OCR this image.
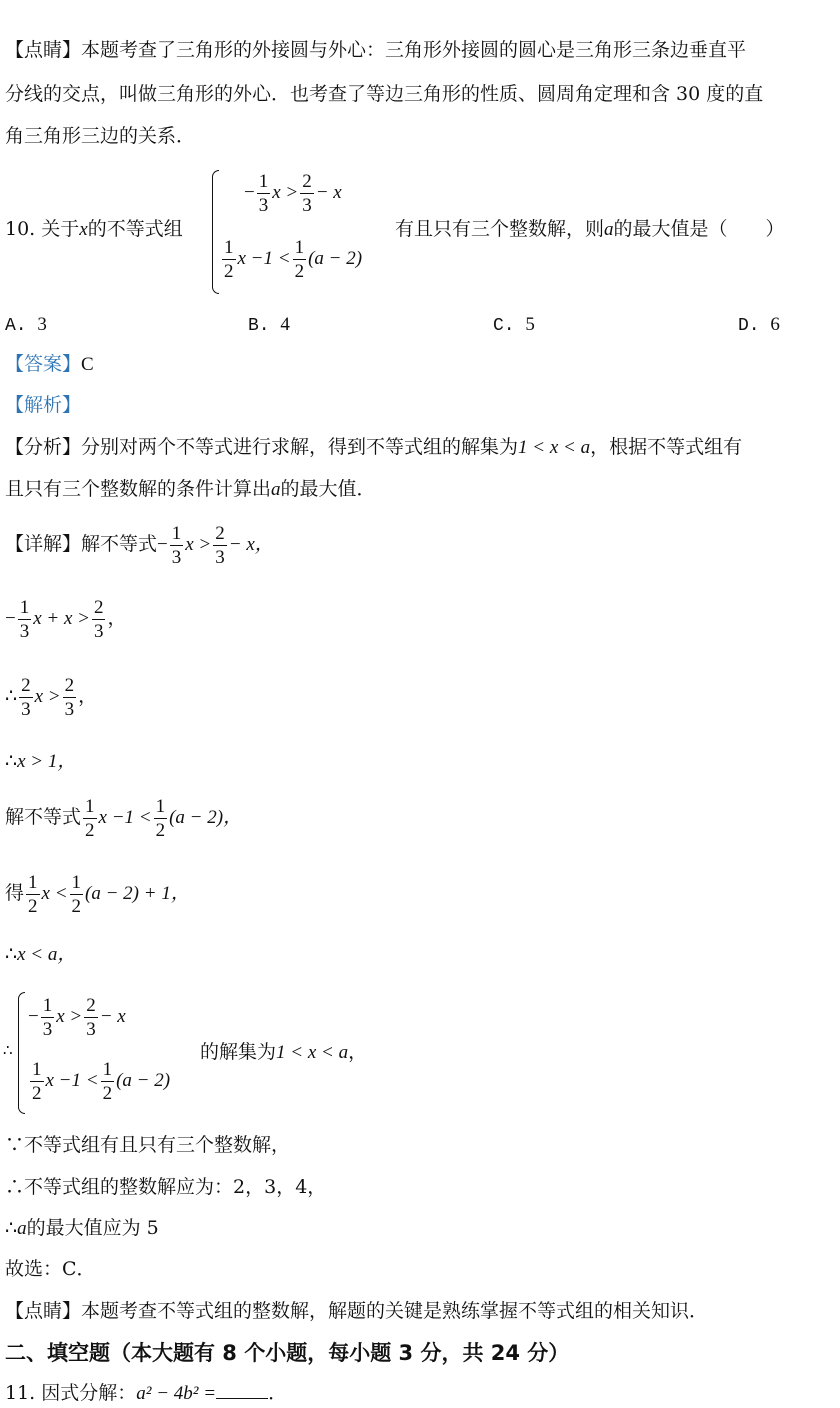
【点睛】本题考查了三角形的外接圆与外心：三角形外接圆的圆心是三角形三条边垂直平
分线的交点，叫做三角形的外心．也考查了等边三角形的性质、圆周角定理和含 30 度的直
角三角形三边的关系．
10. 关于x的不等式组
− $\frac{1}{3}$ $x > \frac{2}{3} - x$
$\frac{1}{2}$ $x -1 < \frac{1}{2} (a - 2)$
有且只有三个整数解，则a的最大值是（　　）
A. 3	B. 4	C. 5	D. 6
【答案】C
【解析】
【分析】分别对两个不等式进行求解，得到不等式组的解集为1 < x < a，根据不等式组有
且只有三个整数解的条件计算出a的最大值．
【详解】解不等式− $\frac{1}{3}$ $x > \frac{2}{3} - x$，
− $\frac{1}{3}$ $x + x > \frac{2}{3}$ ，
∴ $\frac{2}{3}$ $x > \frac{2}{3}$ ，
∴x > 1，
解不等式 $\frac{1}{2}$ $x -1 < \frac{1}{2} (a - 2)$，
得 $\frac{1}{2}$ $x < \frac{1}{2} (a - 2) + 1$，
∴x < a，
∴
− $\frac{1}{3}$ $x > \frac{2}{3} - x$
$\frac{1}{2}$ $x -1 < \frac{1}{2} (a - 2)$
的解集为1 < x < a，
∵不等式组有且只有三个整数解，
∴不等式组的整数解应为：2，3，4，
∴a的最大值应为 5
故选：C．
【点睛】本题考查不等式组的整数解，解题的关键是熟练掌握不等式组的相关知识．
二、填空题（本大题有 8 个小题，每小题 3 分，共 24 分）
11. 因式分解：a² − 4b² =	．
